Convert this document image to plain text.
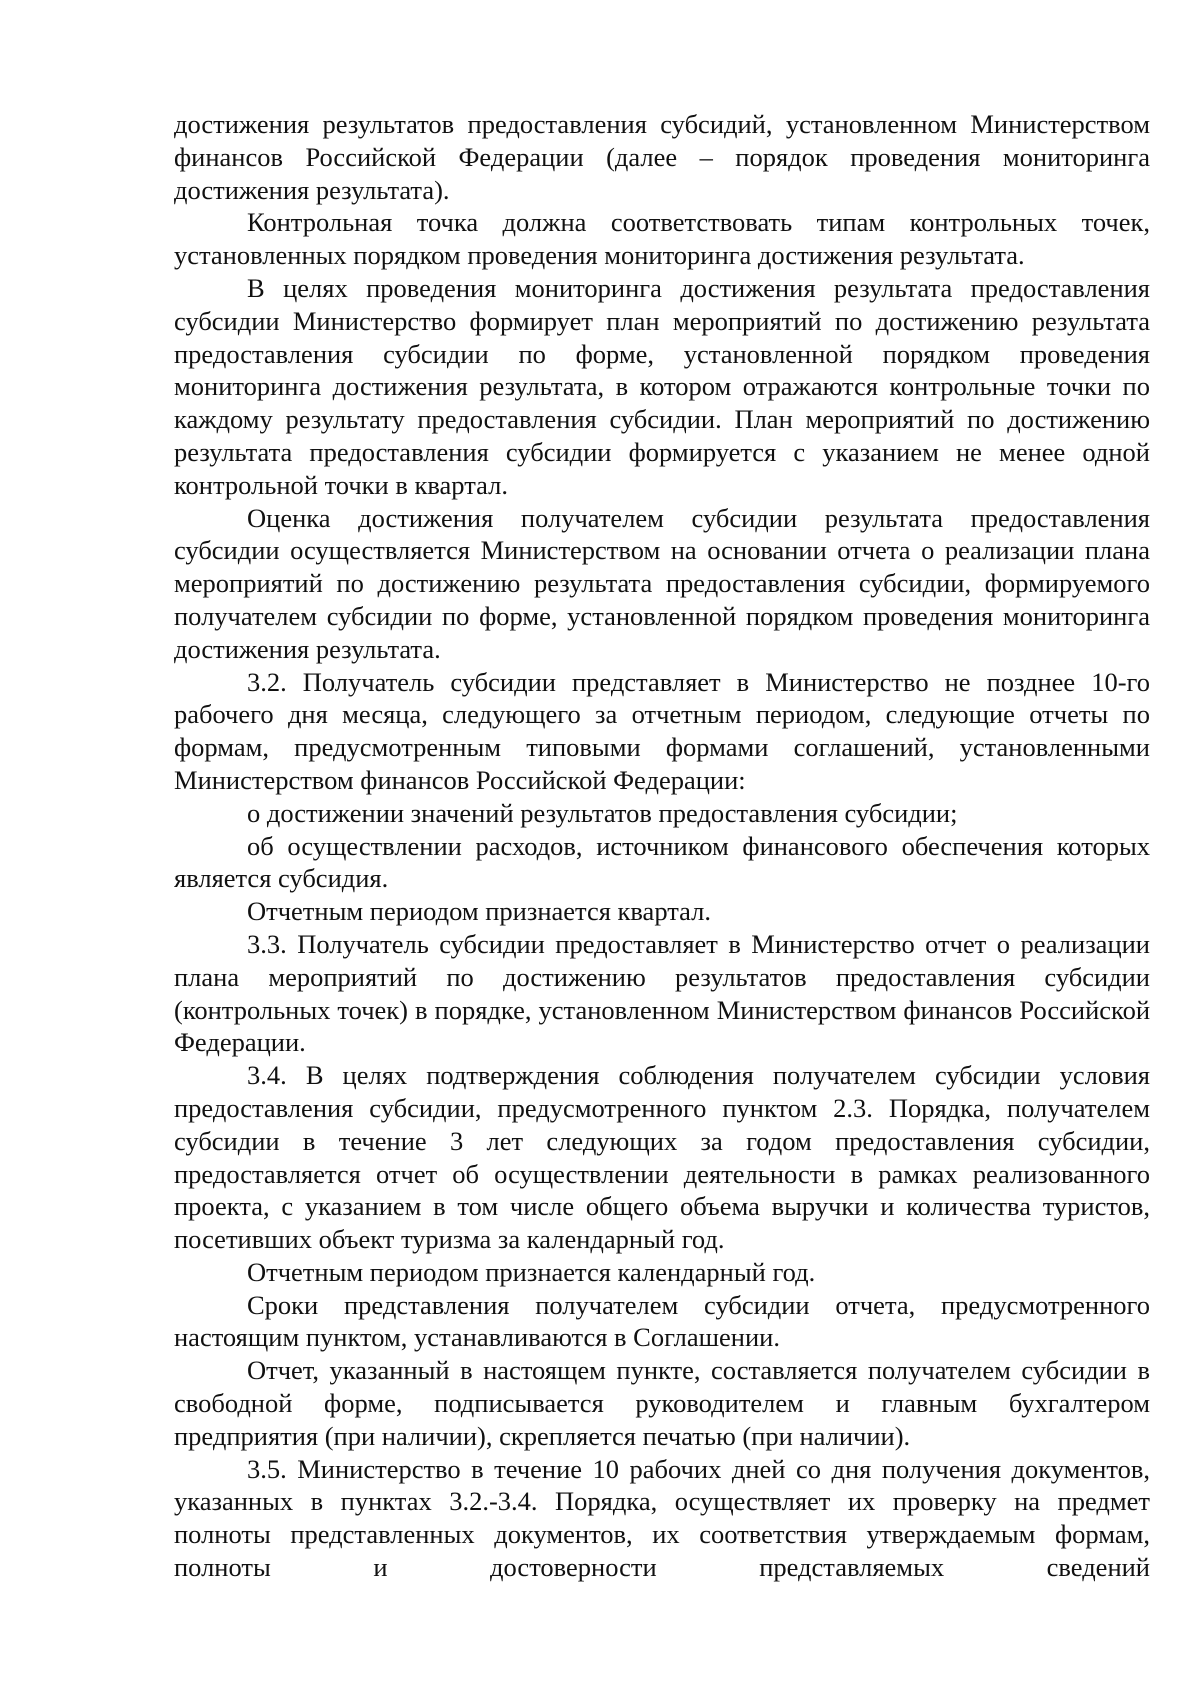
достижения результатов предоставления субсидий, установленном Министерством финансов Российской Федерации (далее – порядок проведения мониторинга достижения результата).

Контрольная точка должна соответствовать типам контрольных точек, установленных порядком проведения мониторинга достижения результата.

В целях проведения мониторинга достижения результата предоставления субсидии Министерство формирует план мероприятий по достижению результата предоставления субсидии по форме, установленной порядком проведения мониторинга достижения результата, в котором отражаются контрольные точки по каждому результату предоставления субсидии. План мероприятий по достижению результата предоставления субсидии формируется с указанием не менее одной контрольной точки в квартал.

Оценка достижения получателем субсидии результата предоставления субсидии осуществляется Министерством на основании отчета о реализации плана мероприятий по достижению результата предоставления субсидии, формируемого получателем субсидии по форме, установленной порядком проведения мониторинга достижения результата.

3.2. Получатель субсидии представляет в Министерство не позднее 10-го рабочего дня месяца, следующего за отчетным периодом, следующие отчеты по формам, предусмотренным типовыми формами соглашений, установленными Министерством финансов Российской Федерации:

о достижении значений результатов предоставления субсидии;

об осуществлении расходов, источником финансового обеспечения которых является субсидия.

Отчетным периодом признается квартал.

3.3. Получатель субсидии предоставляет в Министерство отчет о реализации плана мероприятий по достижению результатов предоставления субсидии (контрольных точек) в порядке, установленном Министерством финансов Российской Федерации.

3.4. В целях подтверждения соблюдения получателем субсидии условия предоставления субсидии, предусмотренного пунктом 2.3. Порядка, получателем субсидии в течение 3 лет следующих за годом предоставления субсидии, предоставляется отчет об осуществлении деятельности в рамках реализованного проекта, с указанием в том числе общего объема выручки и количества туристов, посетивших объект туризма за календарный год.

Отчетным периодом признается календарный год.

Сроки представления получателем субсидии отчета, предусмотренного настоящим пунктом, устанавливаются в Соглашении.

Отчет, указанный в настоящем пункте, составляется получателем субсидии в свободной форме, подписывается руководителем и главным бухгалтером предприятия (при наличии), скрепляется печатью (при наличии).

3.5. Министерство в течение 10 рабочих дней со дня получения документов, указанных в пунктах 3.2.-3.4. Порядка, осуществляет их проверку на предмет полноты представленных документов, их соответствия утверждаемым формам, полноты и достоверности представляемых сведений
